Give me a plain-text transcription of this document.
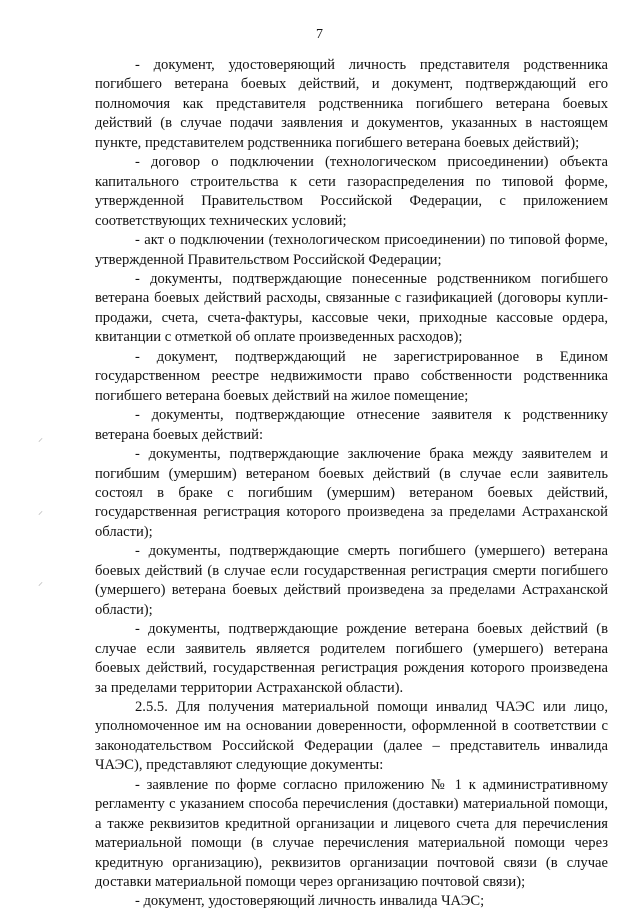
7
⸝
⸝
⸝

- документ, удостоверяющий личность представителя родственника погибшего ветерана боевых действий, и документ, подтверждающий его полномочия как представителя родственника погибшего ветерана боевых действий (в случае подачи заявления и документов, указанных в настоящем пункте, представителем родственника погибшего ветерана боевых действий);

- договор о подключении (технологическом присоединении) объекта капитального строительства к сети газораспределения по типовой форме, утвержденной Правительством Российской Федерации, с приложением соответствующих технических условий;

- акт о подключении (технологическом присоединении) по типовой форме, утвержденной Правительством Российской Федерации;

- документы, подтверждающие понесенные родственником погибшего ветерана боевых действий расходы, связанные с газификацией (договоры купли-продажи, счета, счета-фактуры, кассовые чеки, приходные кассовые ордера, квитанции с отметкой об оплате произведенных расходов);

- документ, подтверждающий не зарегистрированное в Едином государственном реестре недвижимости право собственности родственника погибшего ветерана боевых действий на жилое помещение;

- документы, подтверждающие отнесение заявителя к родственнику ветерана боевых действий:

- документы, подтверждающие заключение брака между заявителем и погибшим (умершим) ветераном боевых действий (в случае если заявитель состоял в браке с погибшим (умершим) ветераном боевых действий, государственная регистрация которого произведена за пределами Астраханской области);

- документы, подтверждающие смерть погибшего (умершего) ветерана боевых действий (в случае если государственная регистрация смерти погибшего (умершего) ветерана боевых действий произведена за пределами Астраханской области);

- документы, подтверждающие рождение ветерана боевых действий (в случае если заявитель является родителем погибшего (умершего) ветерана боевых действий, государственная регистрация рождения которого произведена за пределами территории Астраханской области).

2.5.5. Для получения материальной помощи инвалид ЧАЭС или лицо, уполномоченное им на основании доверенности, оформленной в соответствии с законодательством Российской Федерации (далее – представитель инвалида ЧАЭС), представляют следующие документы:

- заявление по форме согласно приложению № 1 к административному регламенту с указанием способа перечисления (доставки) материальной помощи, а также реквизитов кредитной организации и лицевого счета для перечисления материальной помощи (в случае перечисления материальной помощи через кредитную организацию), реквизитов организации почтовой связи (в случае доставки материальной помощи через организацию почтовой связи);

- документ, удостоверяющий личность инвалида ЧАЭС;
